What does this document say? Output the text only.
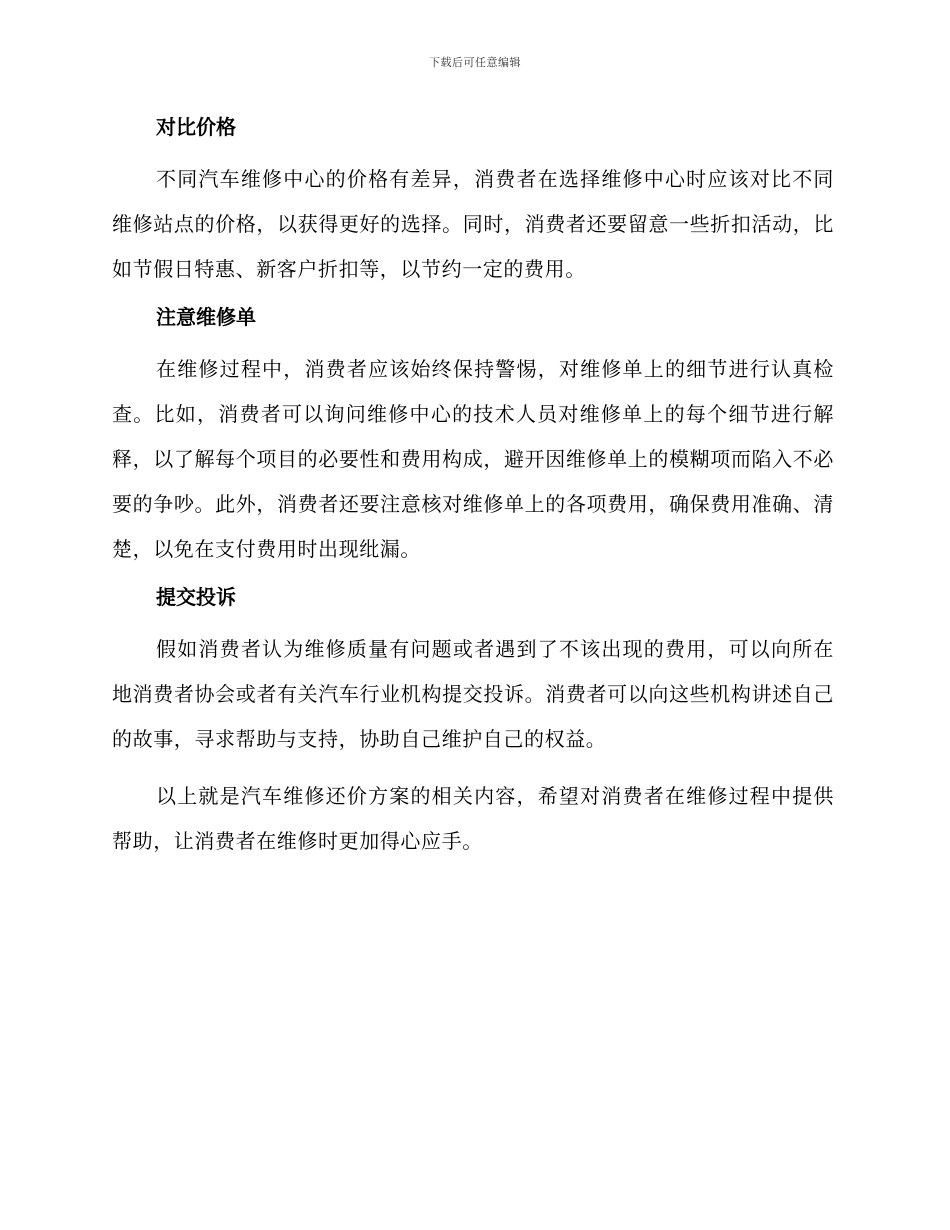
下载后可任意编辑
对比价格

不同汽车维修中心的价格有差异，消费者在选择维修中心时应该对比不同维修站点的价格，以获得更好的选择。同时，消费者还要留意一些折扣活动，比如节假日特惠、新客户折扣等，以节约一定的费用。

注意维修单

在维修过程中，消费者应该始终保持警惕，对维修单上的细节进行认真检查。比如，消费者可以询问维修中心的技术人员对维修单上的每个细节进行解释，以了解每个项目的必要性和费用构成，避开因维修单上的模糊项而陷入不必要的争吵。此外，消费者还要注意核对维修单上的各项费用，确保费用准确、清楚，以免在支付费用时出现纰漏。

提交投诉

假如消费者认为维修质量有问题或者遇到了不该出现的费用，可以向所在地消费者协会或者有关汽车行业机构提交投诉。消费者可以向这些机构讲述自己的故事，寻求帮助与支持，协助自己维护自己的权益。

以上就是汽车维修还价方案的相关内容，希望对消费者在维修过程中提供帮助，让消费者在维修时更加得心应手。
